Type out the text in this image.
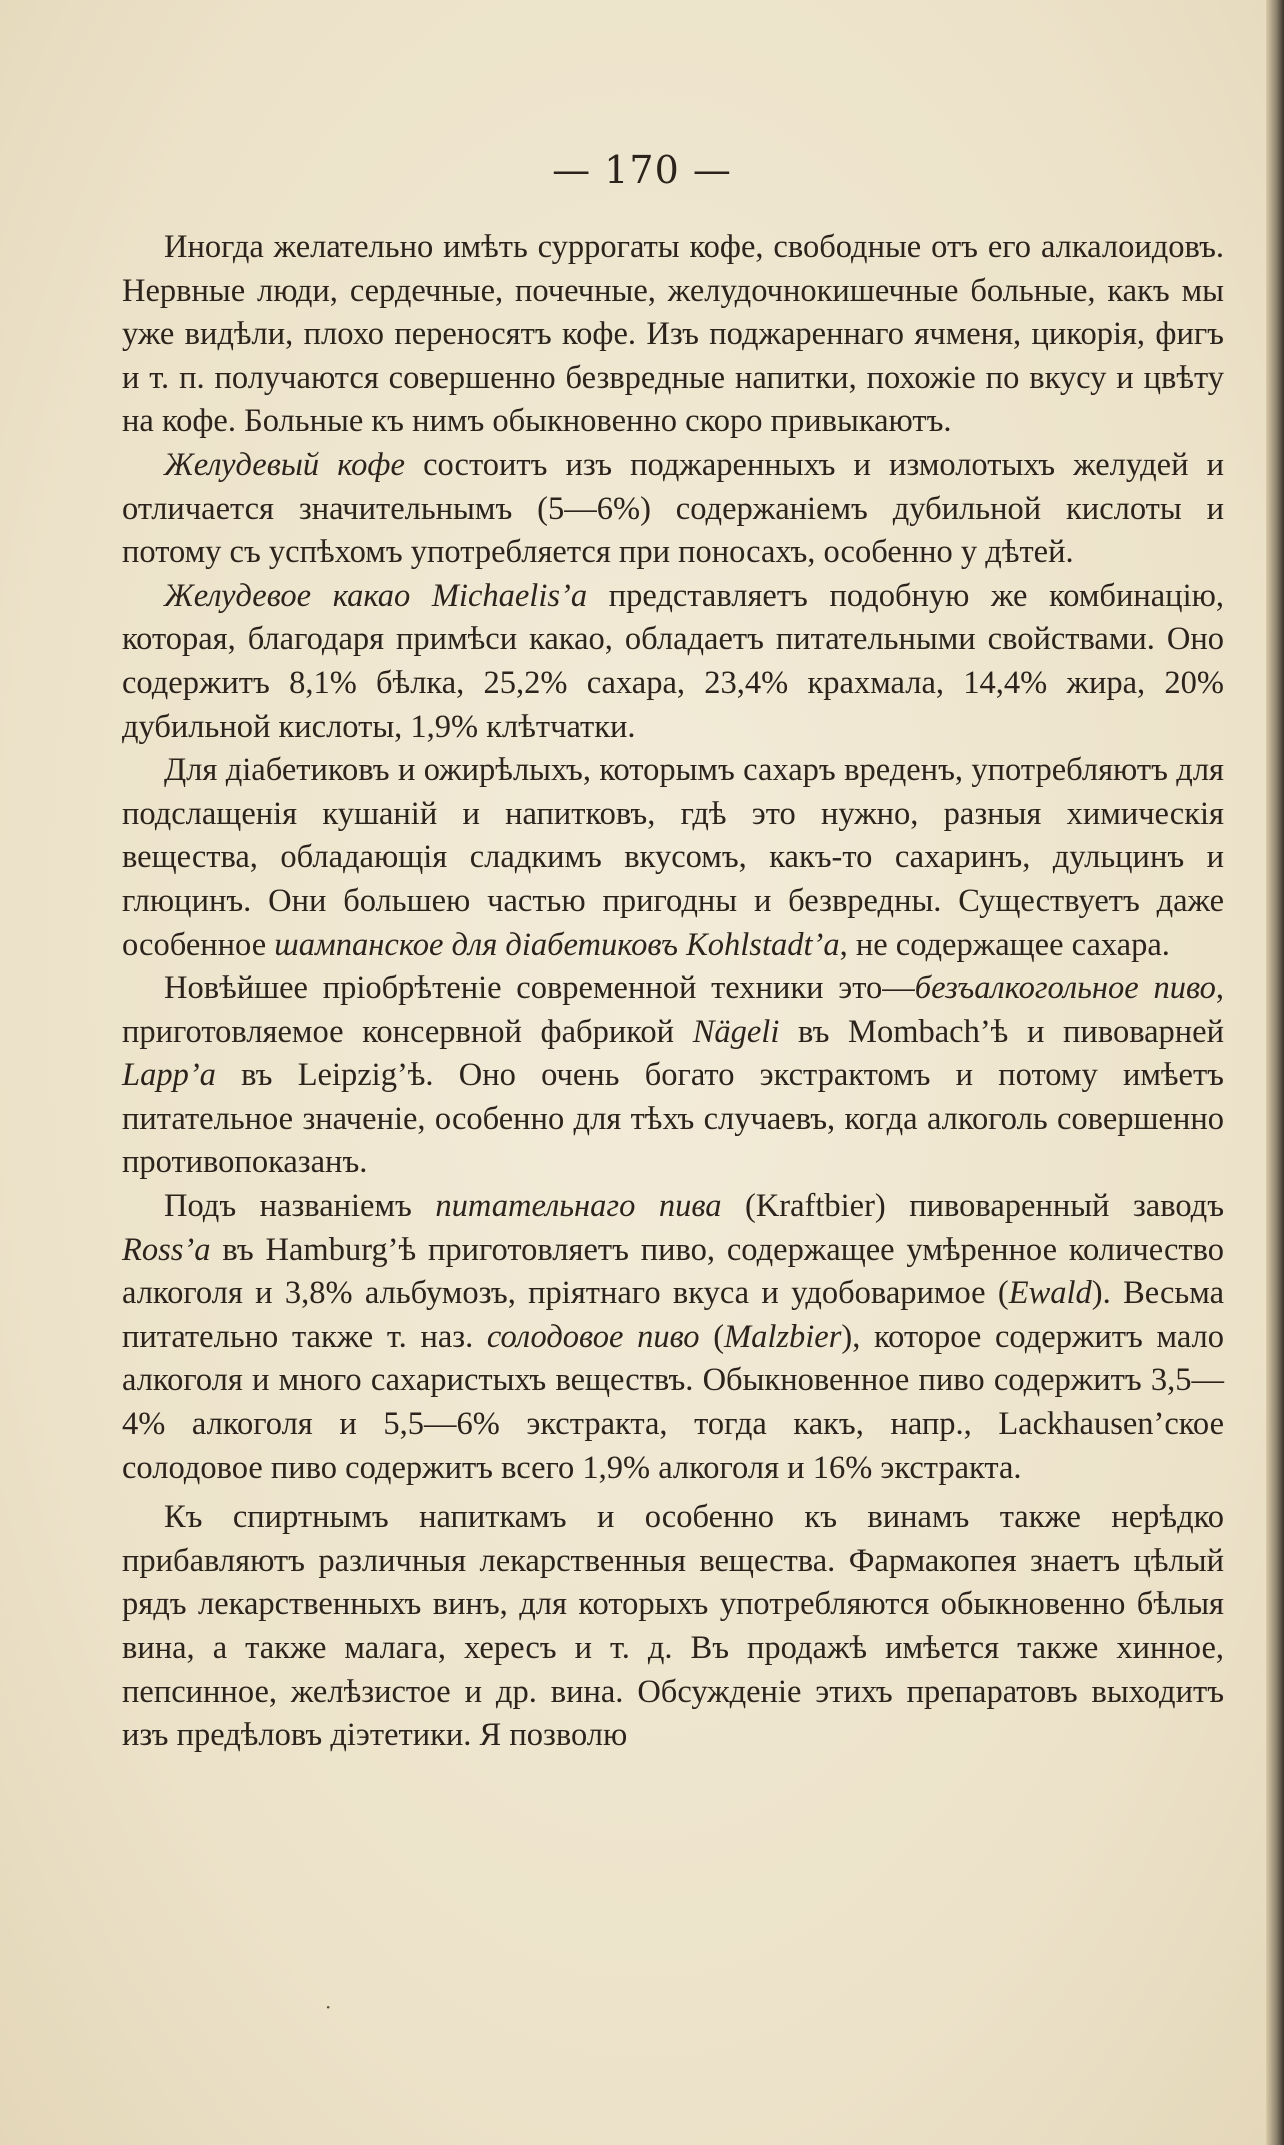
— 170 —

Иногда желательно имѣть суррогаты кофе, свободные отъ его алкалоидовъ. Нервные люди, сердечные, почечные, желудочнокишечные больные, какъ мы уже видѣли, плохо переносятъ кофе. Изъ поджареннаго ячменя, цикорія, фигъ и т. п. получаются совершенно безвредные напитки, похожіе по вкусу и цвѣту на кофе. Больные къ нимъ обыкновенно скоро привыкаютъ.

Желудевый кофе состоитъ изъ поджаренныхъ и измолотыхъ желудей и отличается значительнымъ (5—6%) содержаніемъ дубильной кислоты и потому съ успѣхомъ употребляется при поносахъ, особенно у дѣтей.

Желудевое какао Michaelis’а представляетъ подобную же комбинацію, которая, благодаря примѣси какао, обладаетъ питательными свойствами. Оно содержитъ 8,1% бѣлка, 25,2% сахара, 23,4% крахмала, 14,4% жира, 20% дубильной кислоты, 1,9% клѣтчатки.

Для діабетиковъ и ожирѣлыхъ, которымъ сахаръ вреденъ, употребляютъ для подслащенія кушаній и напитковъ, гдѣ это нужно, разныя химическія вещества, обладающія сладкимъ вкусомъ, какъ-то сахаринъ, дульцинъ и глюцинъ. Они большею частью пригодны и безвредны. Существуетъ даже особенное шампанское для діабетиковъ Kohlstadt’а, не содержащее сахара.

Новѣйшее пріобрѣтеніе современной техники это—безъалкогольное пиво, приготовляемое консервной фабрикой Nägeli въ Mombach’ѣ и пивоварней Lapp’а въ Leipzig’ѣ. Оно очень богато экстрактомъ и потому имѣетъ питательное значеніе, особенно для тѣхъ случаевъ, когда алкоголь совершенно противопоказанъ.

Подъ названіемъ питательнаго пива (Kraftbier) пивоваренный заводъ Ross’а въ Hamburg’ѣ приготовляетъ пиво, содержащее умѣренное количество алкоголя и 3,8% альбумозъ, пріятнаго вкуса и удобоваримое (Ewald). Весьма питательно также т. наз. солодовое пиво (Malzbier), которое содержитъ мало алкоголя и много сахаристыхъ веществъ. Обыкновенное пиво содержитъ 3,5—4% алкоголя и 5,5—6% экстракта, тогда какъ, напр., Lackhausen’ское солодовое пиво содержитъ всего 1,9% алкоголя и 16% экстракта.

Къ спиртнымъ напиткамъ и особенно къ винамъ также нерѣдко прибавляютъ различныя лекарственныя вещества. Фармакопея знаетъ цѣлый рядъ лекарственныхъ винъ, для которыхъ употребляются обыкновенно бѣлыя вина, а также малага, хересъ и т. д. Въ продажѣ имѣется также хинное, пепсинное, желѣзистое и др. вина. Обсужденіе этихъ препаратовъ выходитъ изъ предѣловъ діэтетики. Я позволю

·
